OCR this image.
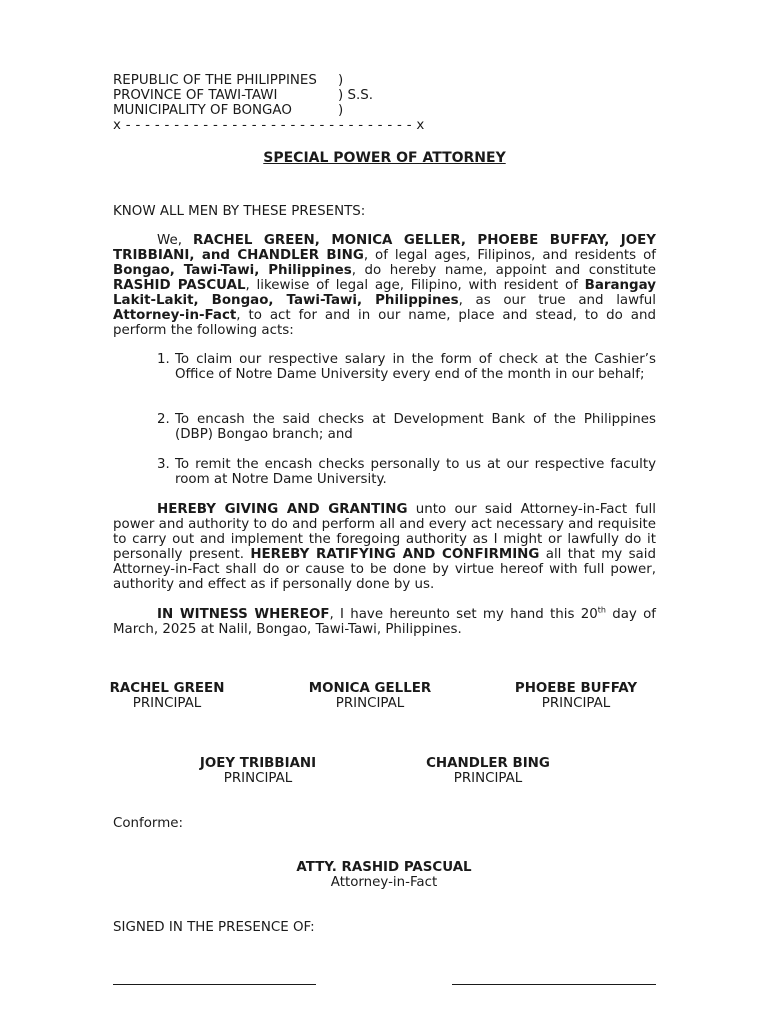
REPUBLIC OF THE PHILIPPINES )
PROVINCE OF TAWI-TAWI	) S.S.
MUNICIPALITY OF BONGAO	)
x - - - - - - - - - - - - - - - - - - - - - - - - - - - - - - x
SPECIAL POWER OF ATTORNEY
KNOW ALL MEN BY THESE PRESENTS:
We, RACHEL GREEN, MONICA GELLER, PHOEBE BUFFAY, JOEY TRIBBIANI, and CHANDLER BING, of legal ages, Filipinos, and residents of Bongao, Tawi-Tawi, Philippines, do hereby name, appoint and constitute RASHID PASCUAL, likewise of legal age, Filipino, with resident of Barangay Lakit-Lakit, Bongao, Tawi-Tawi, Philippines, as our true and lawful Attorney-in-Fact, to act for and in our name, place and stead, to do and perform the following acts:
1. To claim our respective salary in the form of check at the Cashier’s Office of Notre Dame University every end of the month in our behalf;
2. To encash the said checks at Development Bank of the Philippines (DBP) Bongao branch; and
3. To remit the encash checks personally to us at our respective faculty room at Notre Dame University.
HEREBY GIVING AND GRANTING unto our said Attorney-in-Fact full power and authority to do and perform all and every act necessary and requisite to carry out and implement the foregoing authority as I might or lawfully do it personally present. HEREBY RATIFYING AND CONFIRMING all that my said Attorney-in-Fact shall do or cause to be done by virtue hereof with full power, authority and effect as if personally done by us.
IN WITNESS WHEREOF, I have hereunto set my hand this 20th day of March, 2025 at Nalil, Bongao, Tawi-Tawi, Philippines.
RACHEL GREEN
PRINCIPAL
MONICA GELLER
PRINCIPAL
PHOEBE BUFFAY
PRINCIPAL
JOEY TRIBBIANI
PRINCIPAL
CHANDLER BING
PRINCIPAL
Conforme:
ATTY. RASHID PASCUAL
Attorney-in-Fact
SIGNED IN THE PRESENCE OF:
